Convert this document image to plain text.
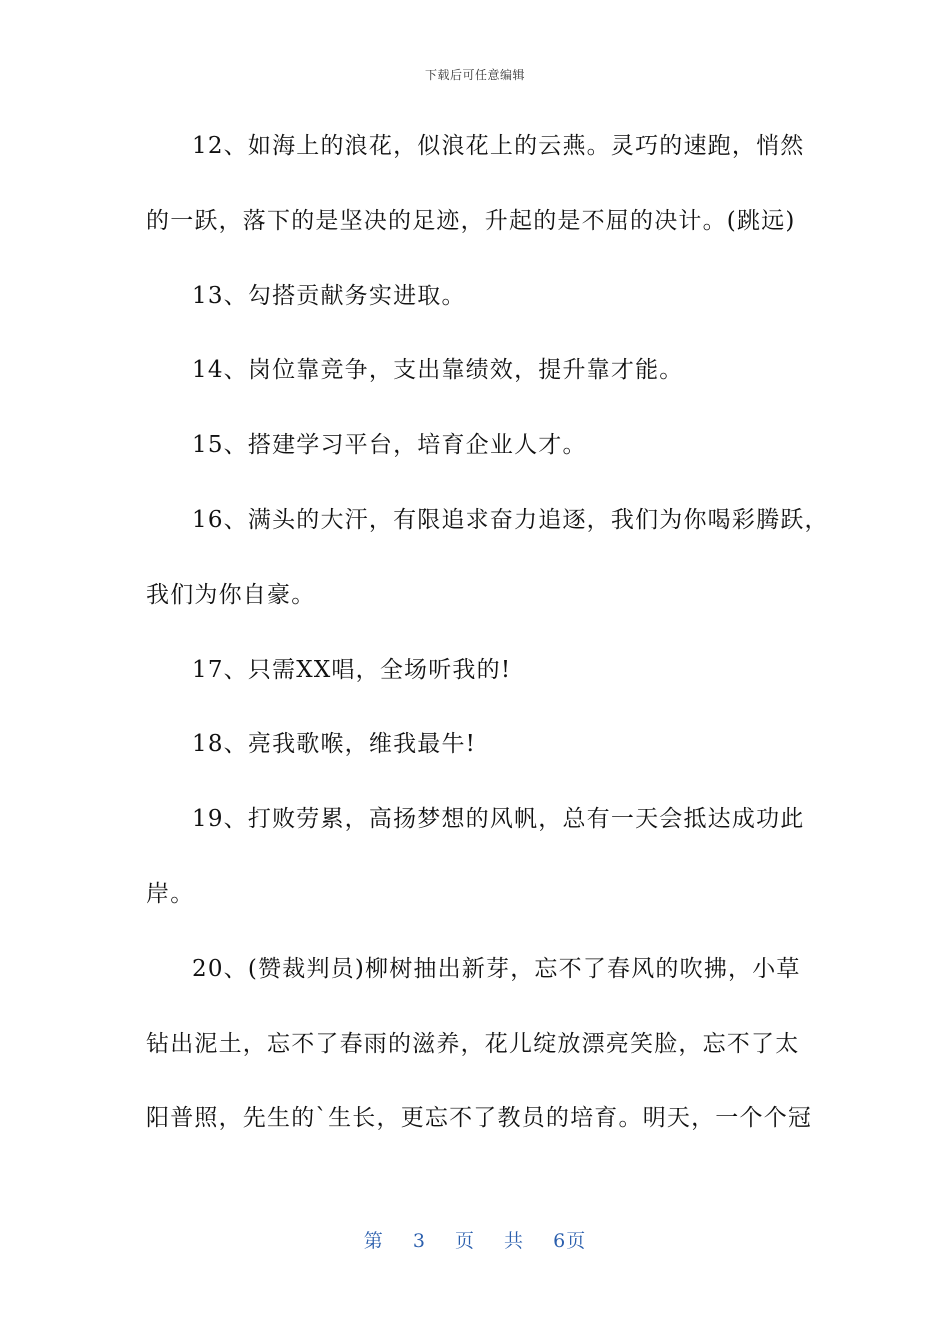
下载后可任意编辑
12、如海上的浪花，似浪花上的云燕。灵巧的速跑，悄然
的一跃，落下的是坚决的足迹，升起的是不屈的决计。(跳远)
13、勾搭贡献务实进取。
14、岗位靠竞争，支出靠绩效，提升靠才能。
15、搭建学习平台，培育企业人才。
16、满头的大汗，有限追求奋力追逐，我们为你喝彩腾跃，
我们为你自豪。
17、只需XX唱，全场听我的!
18、亮我歌喉，维我最牛!
19、打败劳累，高扬梦想的风帆，总有一天会抵达成功此
岸。
20、(赞裁判员)柳树抽出新芽，忘不了春风的吹拂，小草
钻出泥土，忘不了春雨的滋养，花儿绽放漂亮笑脸，忘不了太
阳普照，先生的`生长，更忘不了教员的培育。明天，一个个冠
第 3 页 共 6页
